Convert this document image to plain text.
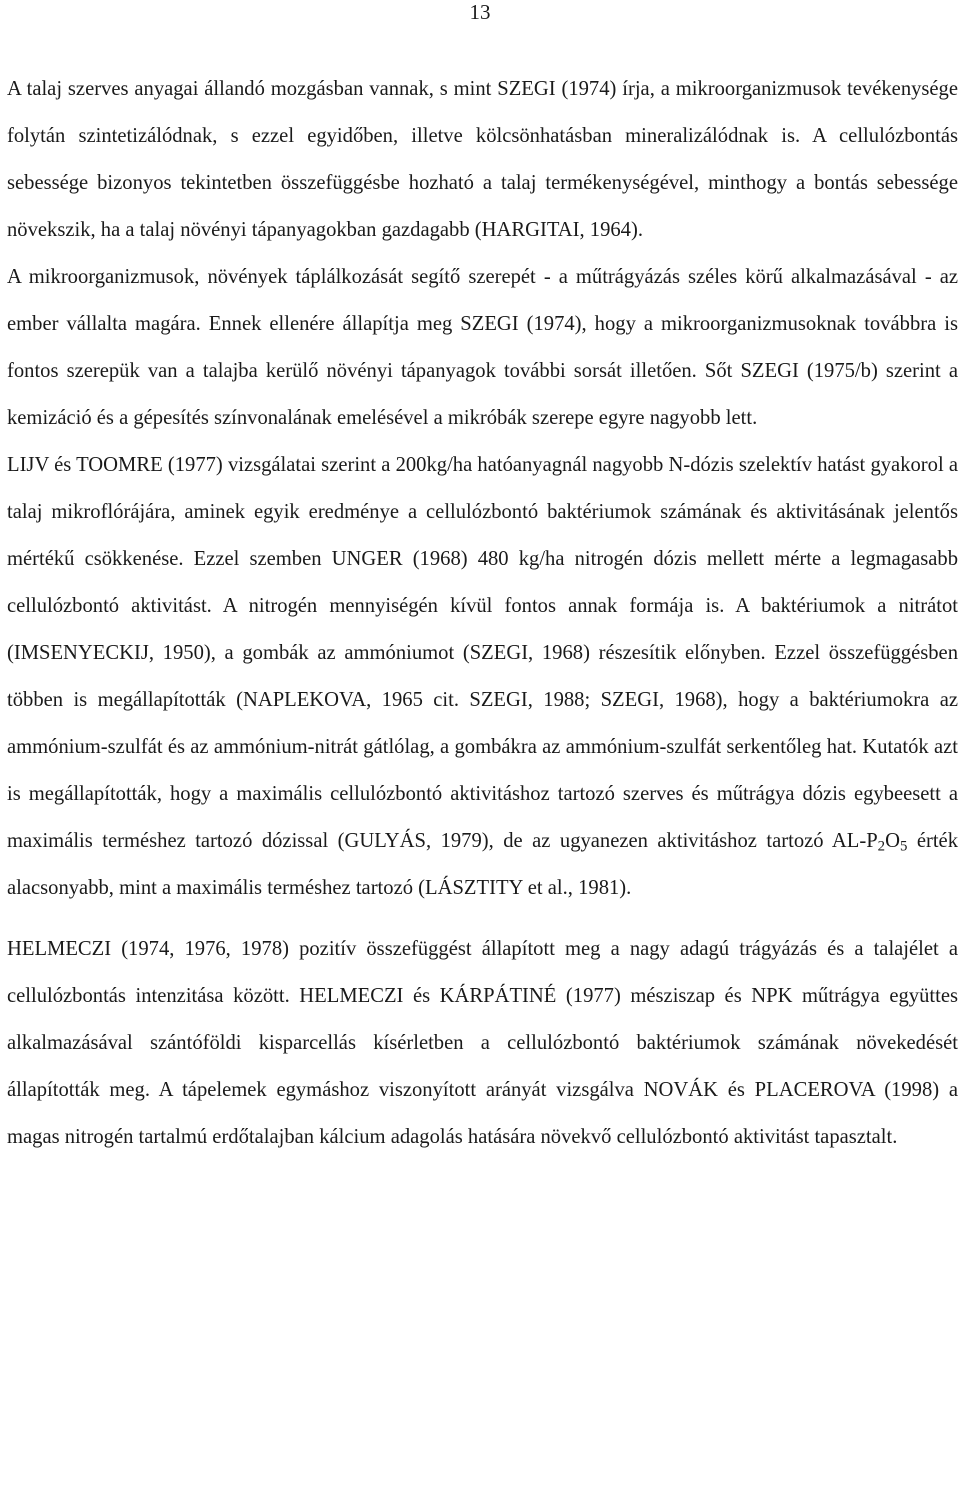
13

A talaj szerves anyagai állandó mozgásban vannak, s mint SZEGI (1974) írja, a mikroorganizmusok tevékenysége folytán szintetizálódnak, s ezzel egyidőben, illetve kölcsönhatásban mineralizálódnak is. A cellulózbontás sebessége bizonyos tekintetben összefüggésbe hozható a talaj termékenységével, minthogy a bontás sebessége növekszik, ha a talaj növényi tápanyagokban gazdagabb (HARGITAI, 1964).

A mikroorganizmusok, növények táplálkozását segítő szerepét - a műtrágyázás széles körű alkalmazásával - az ember vállalta magára. Ennek ellenére állapítja meg SZEGI (1974), hogy a mikroorganizmusoknak továbbra is fontos szerepük van a talajba kerülő növényi tápanyagok további sorsát illetően. Sőt SZEGI (1975/b) szerint a kemizáció és a gépesítés színvonalának emelésével a mikróbák szerepe egyre nagyobb lett.

LIJV és TOOMRE (1977) vizsgálatai szerint a 200kg/ha hatóanyagnál nagyobb N-dózis szelektív hatást gyakorol a talaj mikroflórájára, aminek egyik eredménye a cellulózbontó baktériumok számának és aktivitásának jelentős mértékű csökkenése. Ezzel szemben UNGER (1968) 480 kg/ha nitrogén dózis mellett mérte a legmagasabb cellulózbontó aktivitást. A nitrogén mennyiségén kívül fontos annak formája is. A baktériumok a nitrátot (IMSENYECKIJ, 1950), a gombák az ammóniumot (SZEGI, 1968) részesítik előnyben. Ezzel összefüggésben többen is megállapították (NAPLEKOVA, 1965 cit. SZEGI, 1988; SZEGI, 1968), hogy a baktériumokra az ammónium-szulfát és az ammónium-nitrát gátlólag, a gombákra az ammónium-szulfát serkentőleg hat. Kutatók azt is megállapították, hogy a maximális cellulózbontó aktivitáshoz tartozó szerves és műtrágya dózis egybeesett a maximális terméshez tartozó dózissal (GULYÁS, 1979), de az ugyanezen aktivitáshoz tartozó $AL-P_2O_5$ érték alacsonyabb, mint a maximális terméshez tartozó (LÁSZTITY et al., 1981).

HELMECZI (1974, 1976, 1978) pozitív összefüggést állapított meg a nagy adagú trágyázás és a talajélet a cellulózbontás intenzitása között. HELMECZI és KÁRPÁTINÉ (1977) mésziszap és NPK műtrágya együttes alkalmazásával szántóföldi kisparcellás kísérletben a cellulózbontó baktériumok számának növekedését állapították meg. A tápelemek egymáshoz viszonyított arányát vizsgálva NOVÁK és PLACEROVA (1998) a magas nitrogén tartalmú erdőtalajban kálcium adagolás hatására növekvő cellulózbontó aktivitást tapasztalt.
